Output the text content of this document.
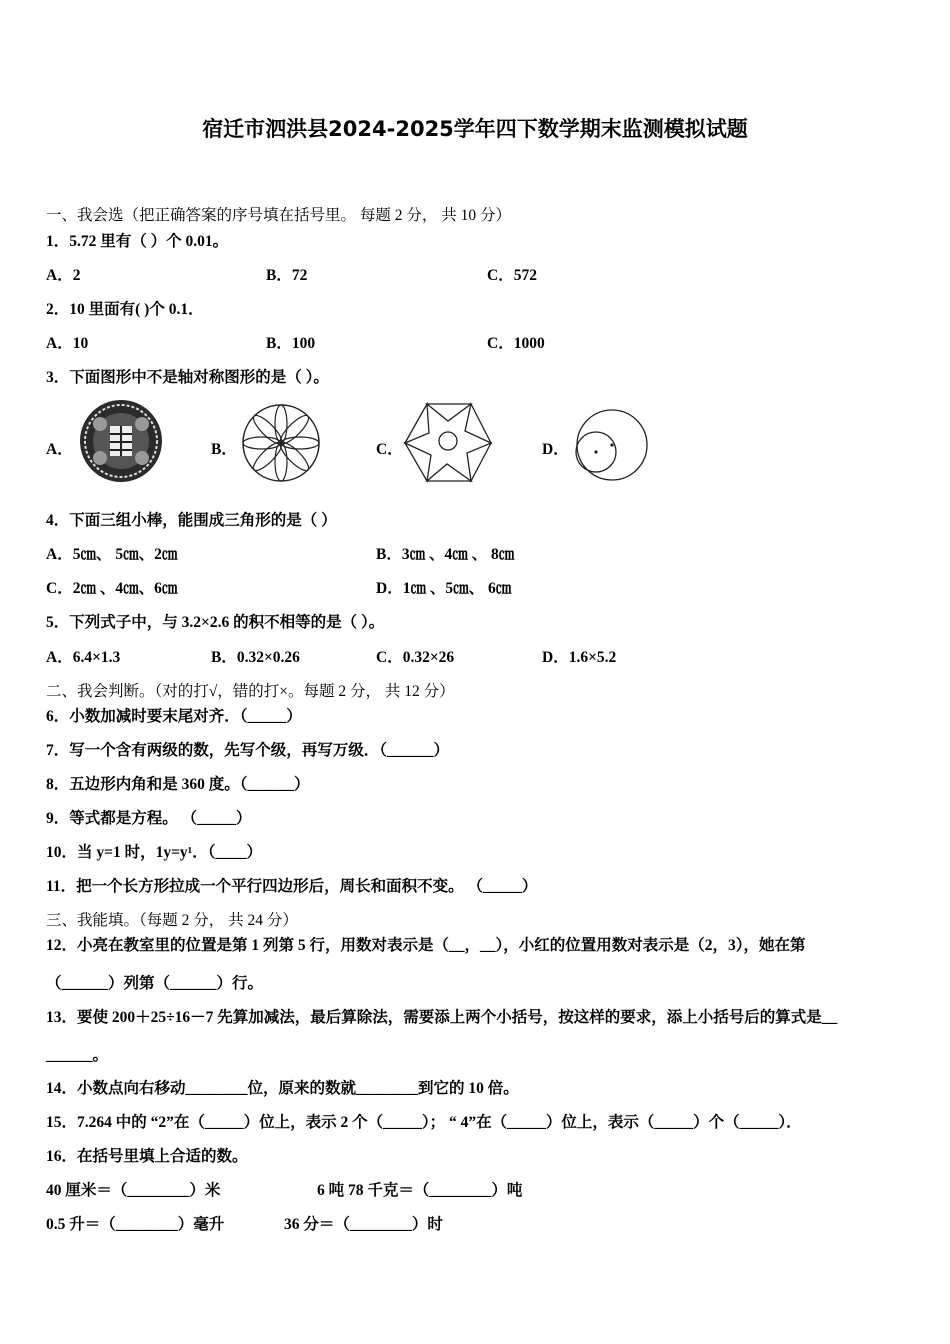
宿迁市泗洪县2024-2025学年四下数学期末监测模拟试题
一、我会选（把正确答案的序号填在括号里。 每题 2 分， 共 10 分）
1．5.72 里有（ ）个 0.01。
A．2	B．72	C．572
2．10 里面有( )个 0.1．
A．10	B．100	C．1000
3．下面图形中不是轴对称图形的是（ ）。
A．	B．	C．	D．
4．下面三组小棒，能围成三角形的是（ ）
A．5㎝、 5㎝、2㎝	B．3㎝ 、4㎝ 、 8㎝
C．2㎝ 、4㎝、6㎝	D．1㎝ 、5㎝、 6㎝
5．下列式子中，与 3.2×2.6 的积不相等的是（ ）。
A．6.4×1.3	B．0.32×0.26	C．0.32×26	D．1.6×5.2
二、我会判断。（对的打√，错的打×。每题 2 分， 共 12 分）
6．小数加减时要末尾对齐．（_____）
7．写一个含有两级的数，先写个级，再写万级．（______）
8．五边形内角和是 360 度。（______）
9．等式都是方程。 （_____）
10．当 y=1 时，1y=y¹．（____）
11．把一个长方形拉成一个平行四边形后，周长和面积不变。 （_____）
三、我能填。（每题 2 分， 共 24 分）
12．小亮在教室里的位置是第 1 列第 5 行，用数对表示是（__，__），小红的位置用数对表示是（2，3），她在第
（______）列第（______）行。
13．要使 200＋25÷16－7 先算加减法，最后算除法，需要添上两个小括号，按这样的要求，添上小括号后的算式是__
______。
14．小数点向右移动________位，原来的数就________到它的 10 倍。
15．7.264 中的 “2”在（_____）位上，表示 2 个（_____）； “ 4”在（_____）位上，表示（_____）个（_____）．
16．在括号里填上合适的数。
40 厘米＝（________）米	6 吨 78 千克＝（________）吨
0.5 升＝（________）毫升	36 分＝（________）时
